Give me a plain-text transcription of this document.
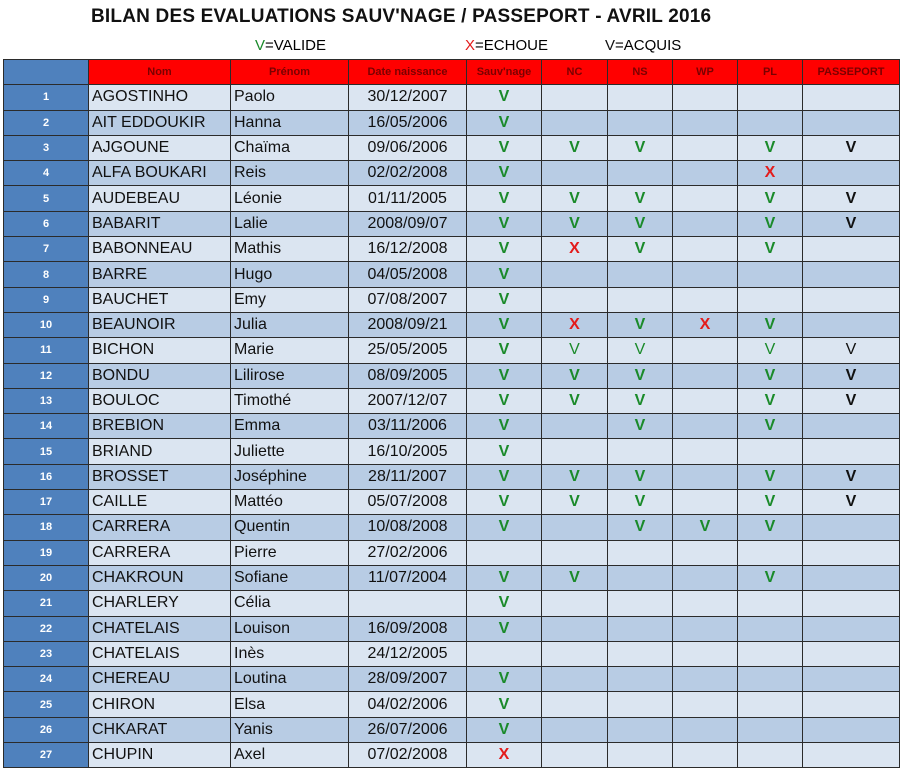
BILAN DES EVALUATIONS SAUV'NAGE / PASSEPORT - AVRIL 2016
V=VALIDE	X=ECHOUE	V=ACQUIS
	Nom	Prénom	Date naissance	Sauv'nage	NC	NS	WP	PL	PASSEPORT
1	AGOSTINHO	Paolo	30/12/2007	V					
2	AIT EDDOUKIR	Hanna	16/05/2006	V					
3	AJGOUNE	Chaïma	09/06/2006	V	V	V		V	V
4	ALFA BOUKARI	Reis	02/02/2008	V				X	
5	AUDEBEAU	Léonie	01/11/2005	V	V	V		V	V
6	BABARIT	Lalie	2008/09/07	V	V	V		V	V
7	BABONNEAU	Mathis	16/12/2008	V	X	V		V	
8	BARRE	Hugo	04/05/2008	V					
9	BAUCHET	Emy	07/08/2007	V					
10	BEAUNOIR	Julia	2008/09/21	V	X	V	X	V	
11	BICHON	Marie	25/05/2005	V	V	V		V	V
12	BONDU	Lilirose	08/09/2005	V	V	V		V	V
13	BOULOC	Timothé	2007/12/07	V	V	V		V	V
14	BREBION	Emma	03/11/2006	V		V		V	
15	BRIAND	Juliette	16/10/2005	V					
16	BROSSET	Joséphine	28/11/2007	V	V	V		V	V
17	CAILLE	Mattéo	05/07/2008	V	V	V		V	V
18	CARRERA	Quentin	10/08/2008	V		V	V	V	
19	CARRERA	Pierre	27/02/2006						
20	CHAKROUN	Sofiane	11/07/2004	V	V			V	
21	CHARLERY	Célia		V					
22	CHATELAIS	Louison	16/09/2008	V					
23	CHATELAIS	Inès	24/12/2005						
24	CHEREAU	Loutina	28/09/2007	V					
25	CHIRON	Elsa	04/02/2006	V					
26	CHKARAT	Yanis	26/07/2006	V					
27	CHUPIN	Axel	07/02/2008	X					
